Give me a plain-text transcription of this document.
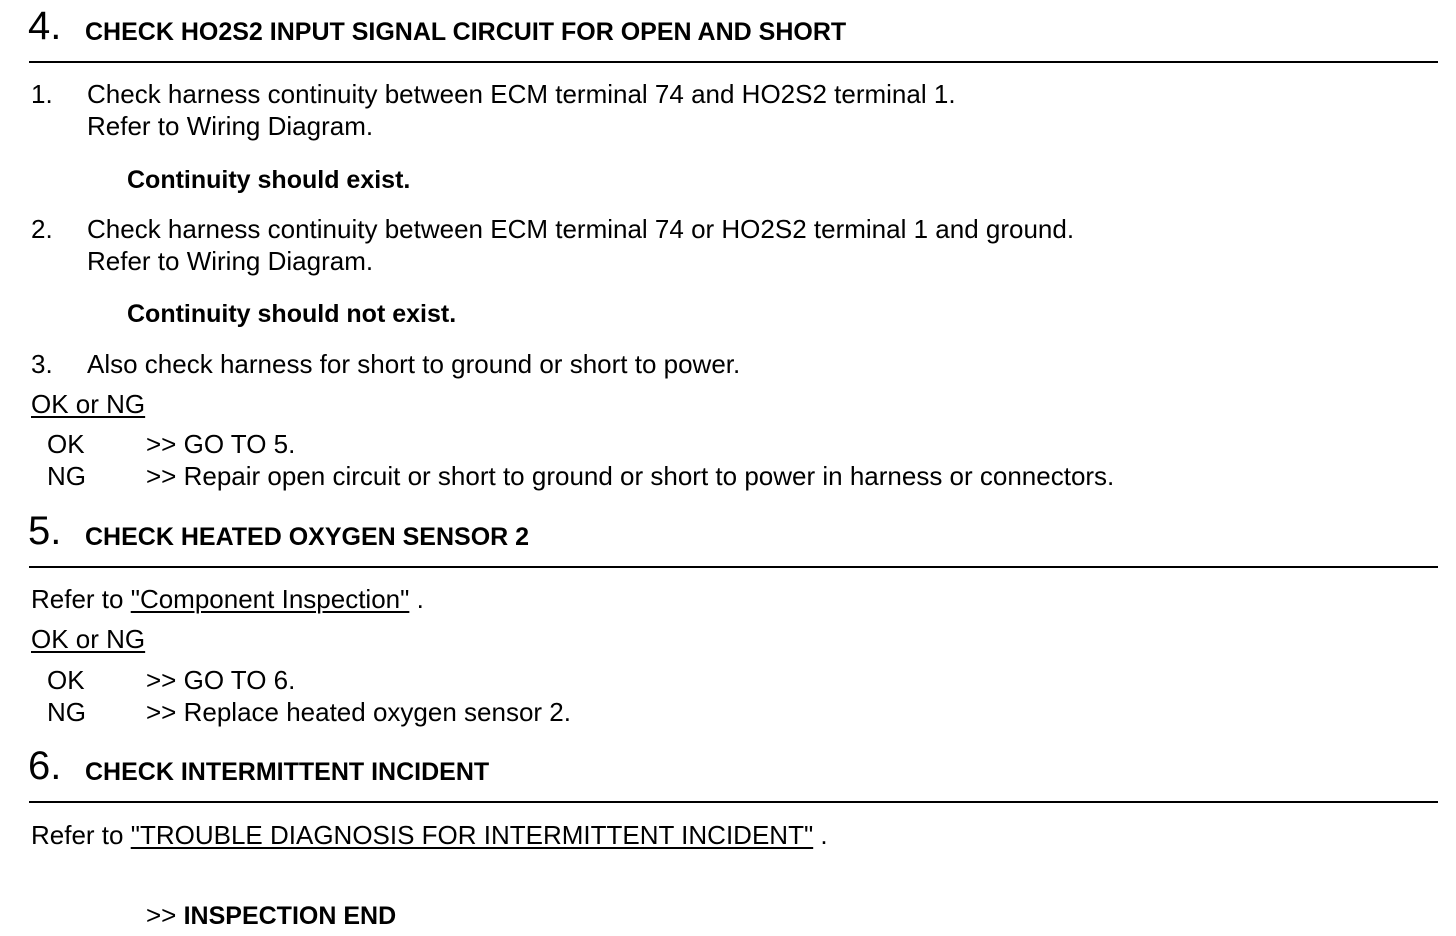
4. CHECK HO2S2 INPUT SIGNAL CIRCUIT FOR OPEN AND SHORT
1. Check harness continuity between ECM terminal 74 and HO2S2 terminal 1.
Refer to Wiring Diagram.
Continuity should exist.
2. Check harness continuity between ECM terminal 74 or HO2S2 terminal 1 and ground.
Refer to Wiring Diagram.
Continuity should not exist.
3. Also check harness for short to ground or short to power.
OK or NG
OK >> GO TO 5.
NG >> Repair open circuit or short to ground or short to power in harness or connectors.
5. CHECK HEATED OXYGEN SENSOR 2
Refer to "Component Inspection" .
OK or NG
OK >> GO TO 6.
NG >> Replace heated oxygen sensor 2.
6. CHECK INTERMITTENT INCIDENT
Refer to "TROUBLE DIAGNOSIS FOR INTERMITTENT INCIDENT" .
>> INSPECTION END
